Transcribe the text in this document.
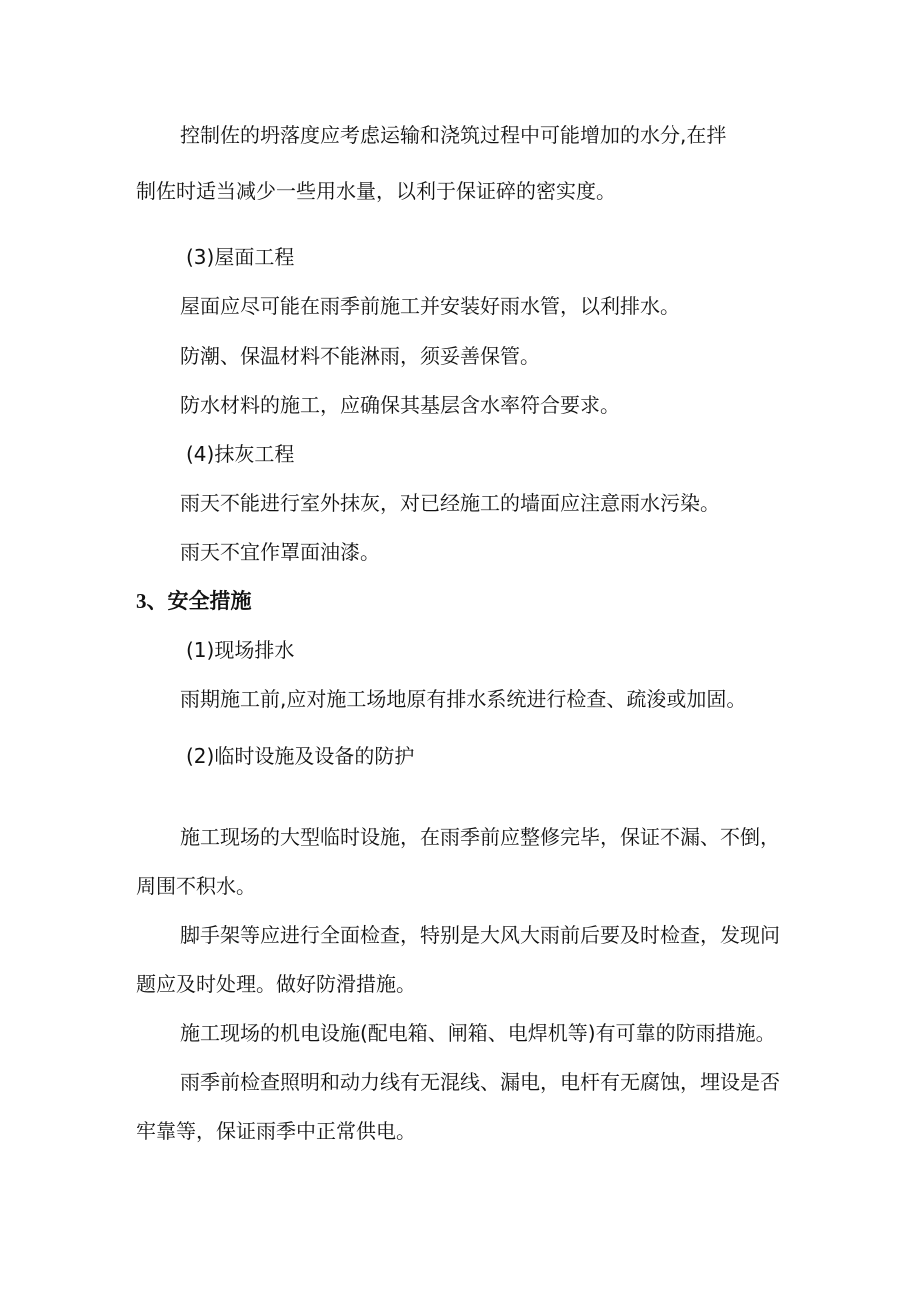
控制佐的坍落度应考虑运输和浇筑过程中可能增加的水分,在拌

制佐时适当减少一些用水量，以利于保证碎的密实度。

(3)屋面工程

屋面应尽可能在雨季前施工并安装好雨水管，以利排水。

防潮、保温材料不能淋雨，须妥善保管。

防水材料的施工，应确保其基层含水率符合要求。

(4)抹灰工程

雨天不能进行室外抹灰，对已经施工的墙面应注意雨水污染。

雨天不宜作罩面油漆。

3、安全措施

(1)现场排水

雨期施工前,应对施工场地原有排水系统进行检查、疏浚或加固。

(2)临时设施及设备的防护

施工现场的大型临时设施，在雨季前应整修完毕，保证不漏、不倒，

周围不积水。

脚手架等应进行全面检查，特别是大风大雨前后要及时检查，发现问

题应及时处理。做好防滑措施。

施工现场的机电设施(配电箱、闸箱、电焊机等)有可靠的防雨措施。

雨季前检查照明和动力线有无混线、漏电，电杆有无腐蚀，埋设是否

牢靠等，保证雨季中正常供电。
